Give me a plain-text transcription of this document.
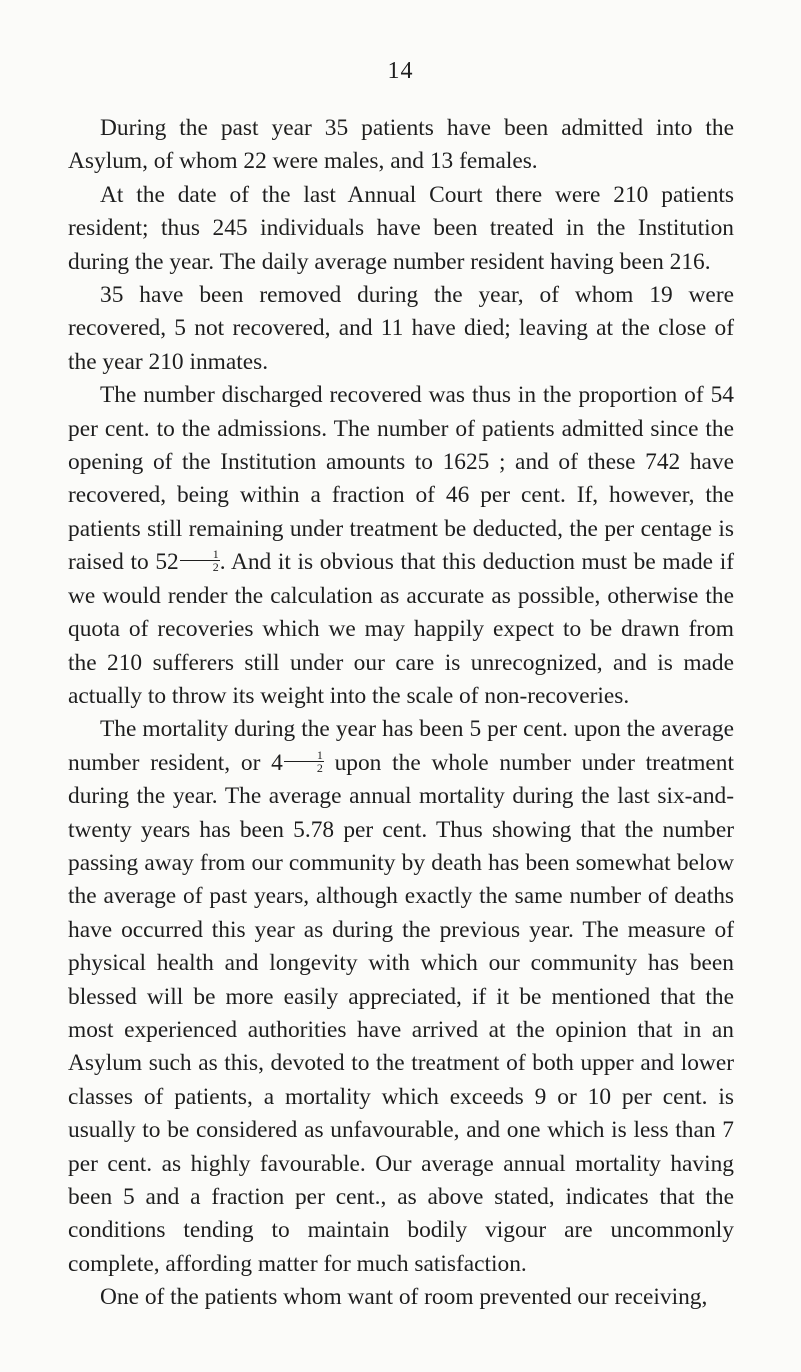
14

During the past year 35 patients have been admitted into the Asylum, of whom 22 were males, and 13 females.

At the date of the last Annual Court there were 210 patients resident; thus 245 individuals have been treated in the Institution during the year. The daily average number resident having been 216.

35 have been removed during the year, of whom 19 were recovered, 5 not recovered, and 11 have died; leaving at the close of the year 210 inmates.

The number discharged recovered was thus in the proportion of 54 per cent. to the admissions. The number of patients admitted since the opening of the Institution amounts to 1625 ; and of these 742 have recovered, being within a fraction of 46 per cent. If, however, the patients still remaining under treatment be deducted, the per centage is raised to $52 \frac{1}{2}$ . And it is obvious that this deduction must be made if we would render the calculation as accurate as possible, otherwise the quota of recoveries which we may happily expect to be drawn from the 210 sufferers still under our care is unrecognized, and is made actually to throw its weight into the scale of non-recoveries.

The mortality during the year has been 5 per cent. upon the average number resident, or $4 \frac{1}{2}$ upon the whole number under treatment during the year. The average annual mortality during the last six-and-twenty years has been 5.78 per cent. Thus showing that the number passing away from our community by death has been somewhat below the average of past years, although exactly the same number of deaths have occurred this year as during the previous year. The measure of physical health and longevity with which our community has been blessed will be more easily appreciated, if it be mentioned that the most experienced authorities have arrived at the opinion that in an Asylum such as this, devoted to the treatment of both upper and lower classes of patients, a mortality which exceeds 9 or 10 per cent. is usually to be considered as unfavourable, and one which is less than 7 per cent. as highly favourable. Our average annual mortality having been 5 and a fraction per cent., as above stated, indicates that the conditions tending to maintain bodily vigour are uncommonly complete, affording matter for much satisfaction.

One of the patients whom want of room prevented our receiving,
